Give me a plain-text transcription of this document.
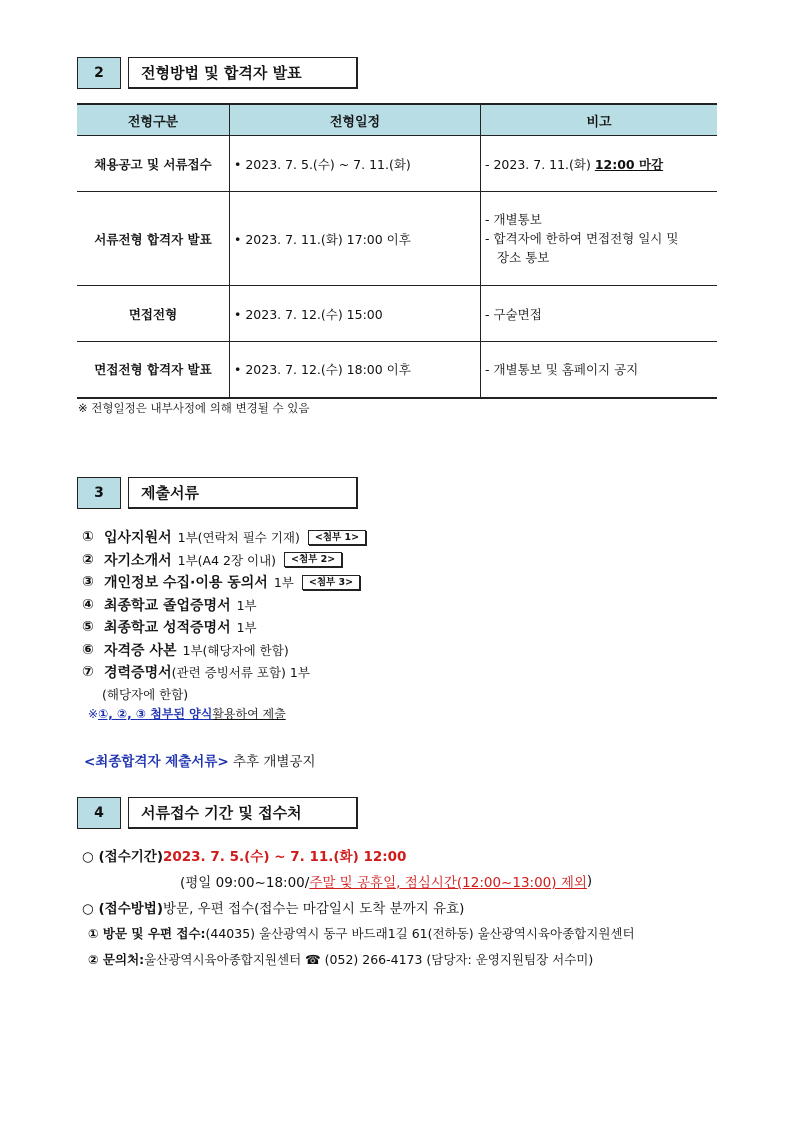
2	전형방법 및 합격자 발표
전형구분	전형일정	비고
채용공고 및 서류접수	• 2023. 7. 5.(수) ~ 7. 11.(화)	- 2023. 7. 11.(화) 12:00 마감
서류전형 합격자 발표	• 2023. 7. 11.(화) 17:00 이후	- 개별통보
- 합격자에 한하여 면접전형 일시 및
장소 통보

면접전형	• 2023. 7. 12.(수) 15:00	- 구술면접
면접전형 합격자 발표	• 2023. 7. 12.(수) 18:00 이후	- 개별통보 및 홈페이지 공지
※ 전형일정은 내부사정에 의해 변경될 수 있음
3	제출서류
① 입사지원서 1부(연락처 필수 기재)	<첨부 1>
② 자기소개서 1부(A4 2장 이내)	<첨부 2>
③ 개인정보 수집·이용 동의서 1부	<첨부 3>
④ 최종학교 졸업증명서 1부
⑤ 최종학교 성적증명서 1부
⑥ 자격증 사본 1부(해당자에 한함)
⑦ 경력증명서 (관련 증빙서류 포함) 1부
(해당자에 한함)
※ ①, ②, ③ 첨부된 양식 활용하여 제출
<최종합격자 제출서류> 추후 개별공지
4	서류접수 기간 및 접수처
○ (접수기간) 2023. 7. 5.(수) ~ 7. 11.(화) 12:00
(평일 09:00~18:00/ 주말 및 공휴일, 점심시간(12:00~13:00) 제외 )
○ (접수방법) 방문, 우편 접수(접수는 마감일시 도착 분까지 유효)
① 방문 및 우편 접수: (44035) 울산광역시 동구 바드래1길 61(전하동) 울산광역시육아종합지원센터
② 문의처: 울산광역시육아종합지원센터 ☎ (052) 266-4173 (담당자: 운영지원팀장 서수미)
